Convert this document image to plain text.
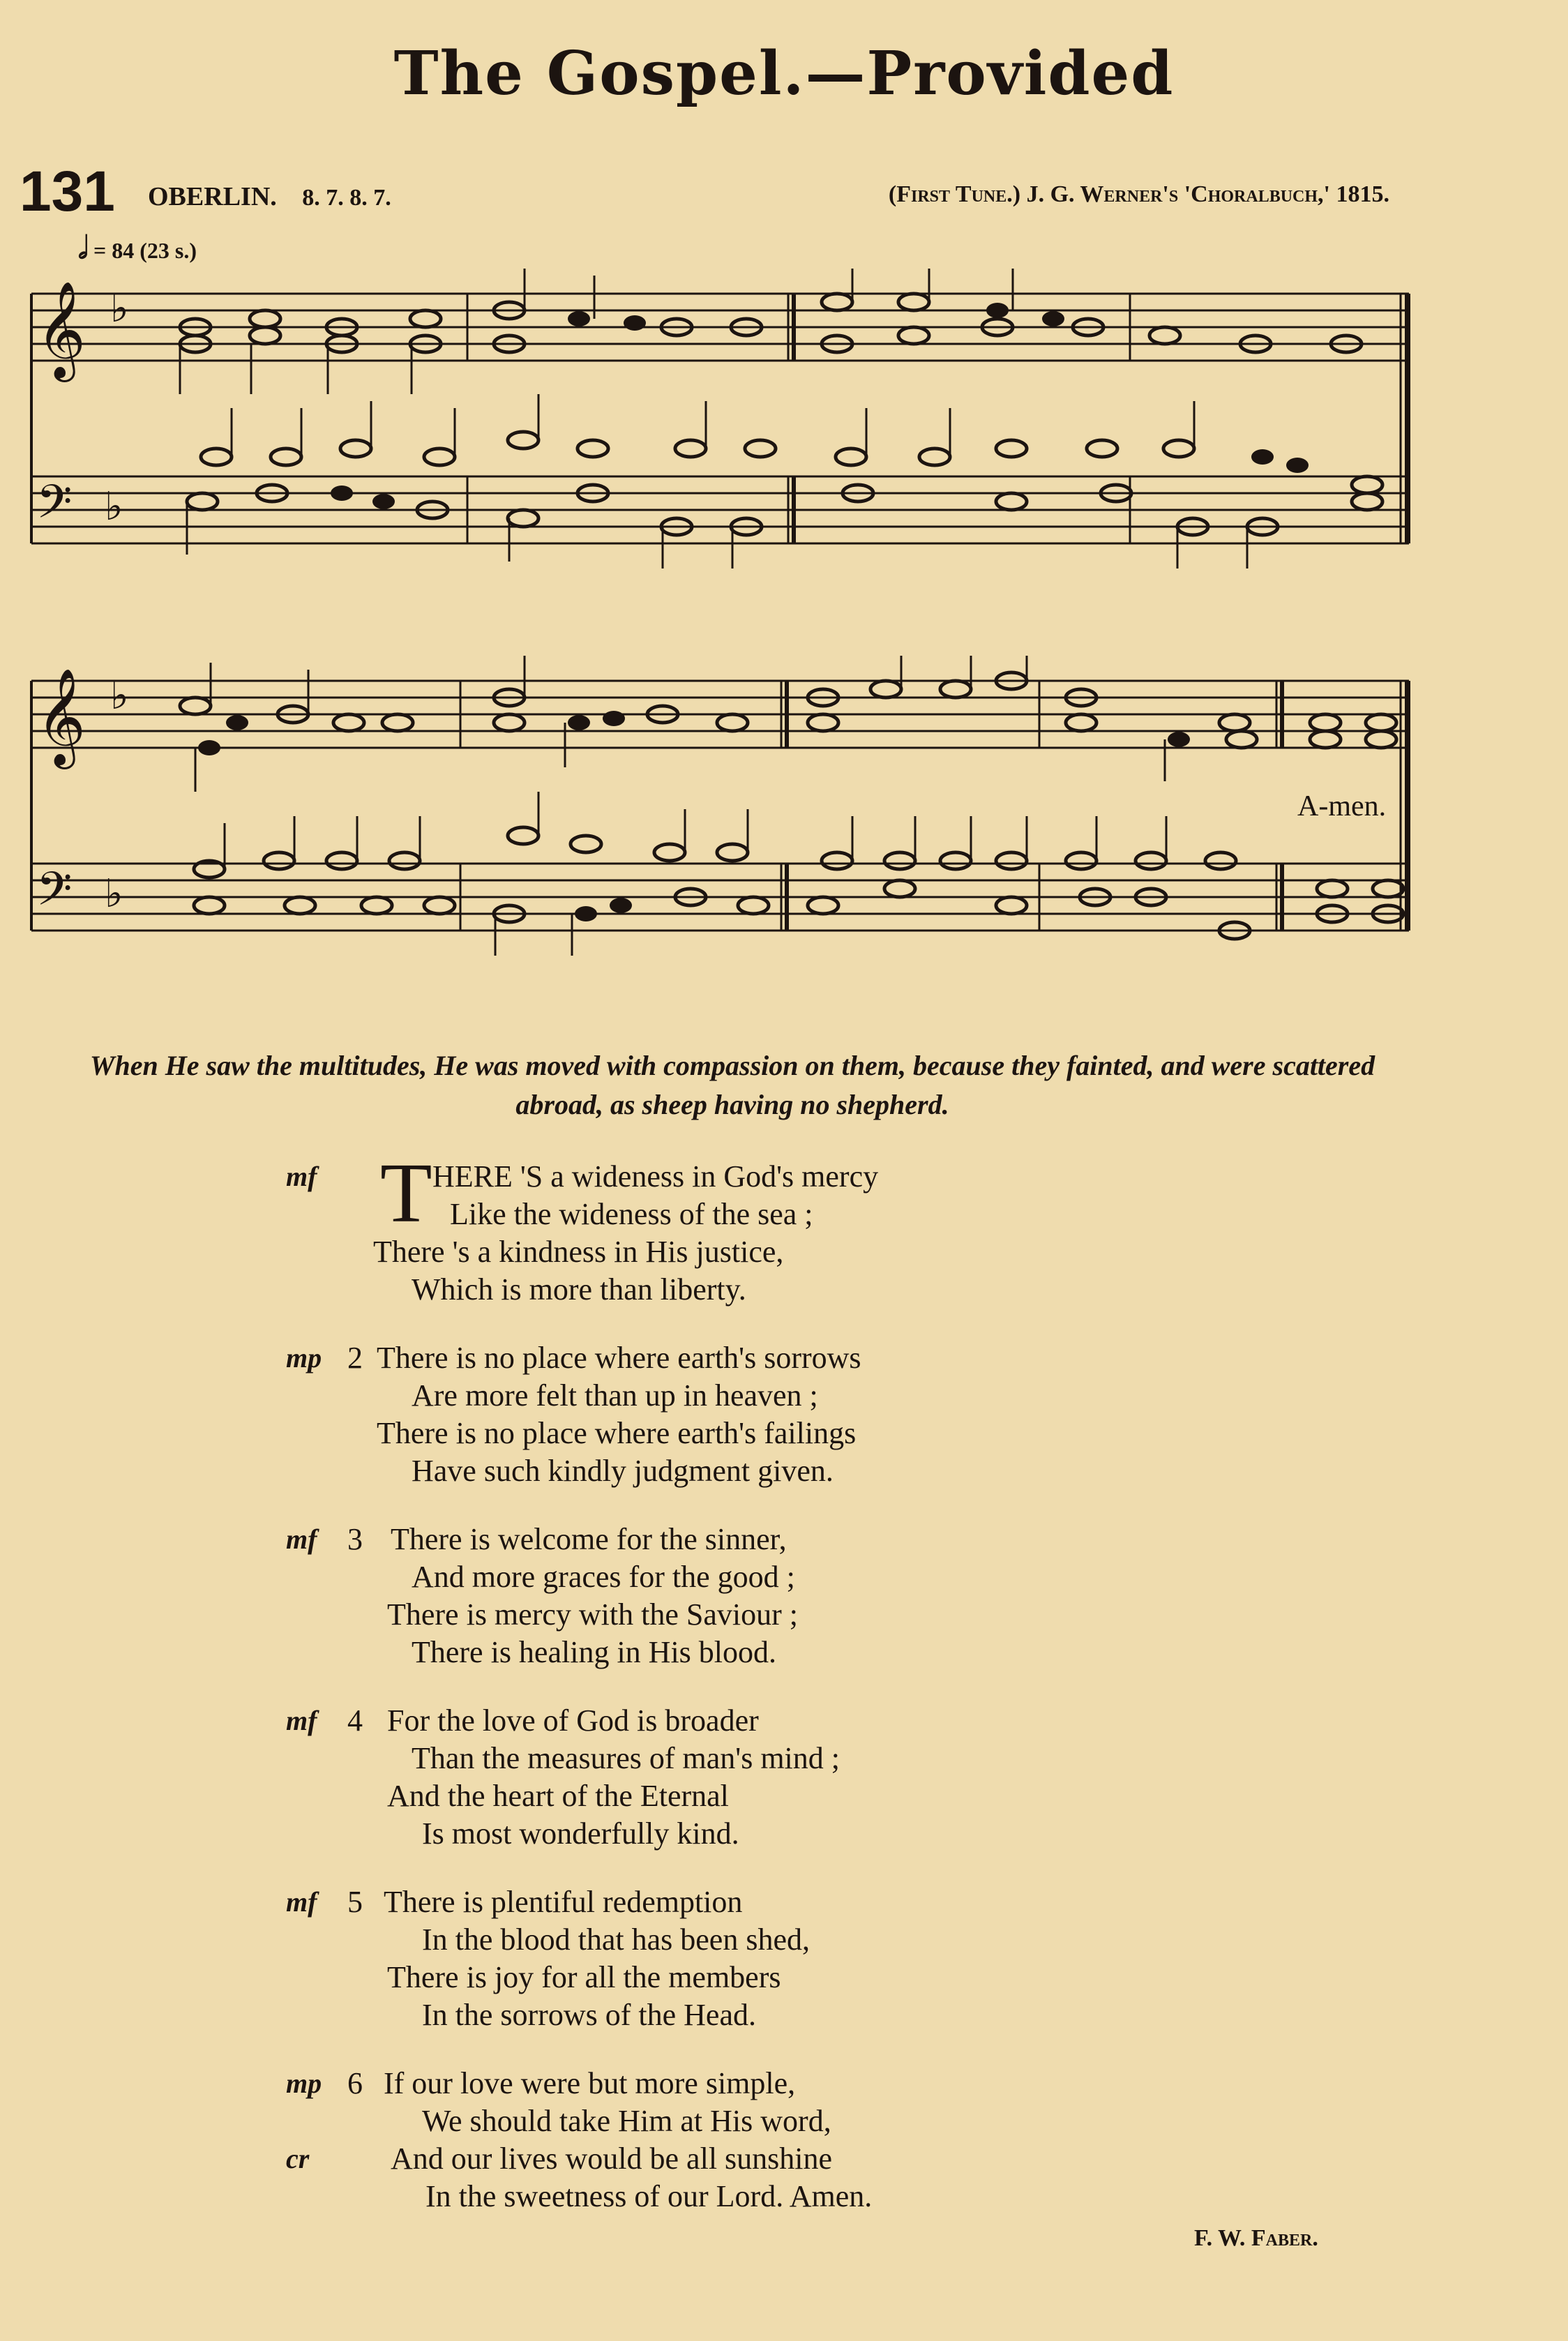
The Gospel.—Provided
131 OBERLIN. 8. 7. 8. 7.	(First Tune.) J. G. Werner's 'Choralbuch,' 1815.
𝅗𝅥 = 84 (23 s.)
𝄞
𝄢
♭
♭
𝄞
𝄢
♭
♭
A-men.
When He saw the multitudes, He was moved with compassion on them, because they fainted, and were scattered abroad, as sheep having no shepherd.
mf T HERE 'S a wideness in God's mercy
Like the wideness of the sea ;
There 's a kindness in His justice,
Which is more than liberty.
mp 2 There is no place where earth's sorrows
Are more felt than up in heaven ;
There is no place where earth's failings
Have such kindly judgment given.
mf 3 There is welcome for the sinner,
And more graces for the good ;
There is mercy with the Saviour ;
There is healing in His blood.
mf 4 For the love of God is broader
Than the measures of man's mind ;
And the heart of the Eternal
Is most wonderfully kind.
mf 5 There is plentiful redemption
In the blood that has been shed,
There is joy for all the members
In the sorrows of the Head.
mp 6 If our love were but more simple,
We should take Him at His word,
cr	And our lives would be all sunshine
In the sweetness of our Lord. Amen.
F. W. Faber.
